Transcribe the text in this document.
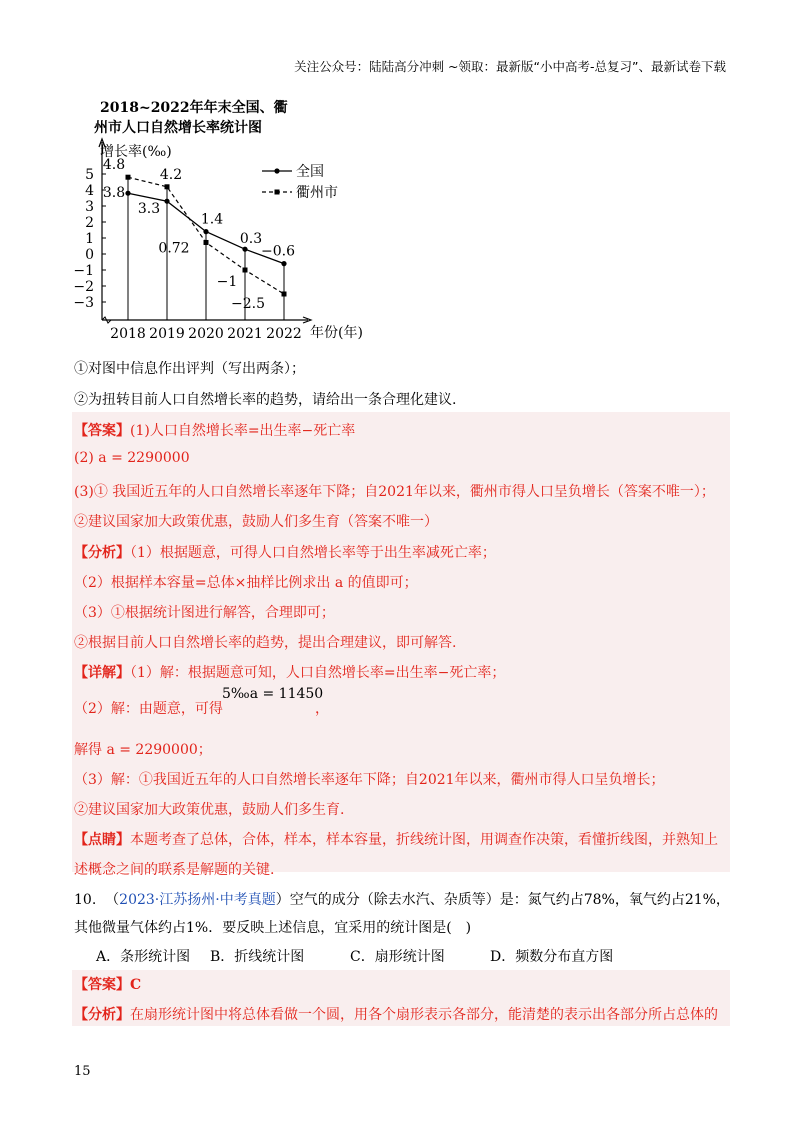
关注公众号：陆陆高分冲刺 ~领取：最新版“小中高考-总复习”、最新试卷下载
2018~2022年年末全国、衢
州市人口自然增长率统计图
增长率(‰)
年份(年)
5
4
3
2
1
0
−1
−2
−3
2018 2019 2020 2021 2022
3.8
4.8
3.3
4.2
1.4
0.72
0.3
−1
−0.6
−2.5
全国
衢州市
①对图中信息作出评判（写出两条）；
②为扭转目前人口自然增长率的趋势，请给出一条合理化建议.
【答案】(1)人口自然增长率=出生率−死亡率
(2) a = 2290000
(3)① 我国近五年的人口自然增长率逐年下降；自2021年以来，衢州市得人口呈负增长（答案不唯一）；
②建议国家加大政策优惠，鼓励人们多生育（答案不唯一）
【分析】（1）根据题意，可得人口自然增长率等于出生率减死亡率；
（2）根据样本容量=总体×抽样比例求出 a 的值即可；
（3）①根据统计图进行解答，合理即可；
②根据目前人口自然增长率的趋势，提出合理建议，即可解答.
【详解】（1）解：根据题意可知，人口自然增长率=出生率−死亡率；
（2）解：由题意，可得
5‰a = 11450
，
解得 a = 2290000；
（3）解：①我国近五年的人口自然增长率逐年下降；自2021年以来，衢州市得人口呈负增长；
②建议国家加大政策优惠，鼓励人们多生育.
【点睛】本题考查了总体，合体，样本，样本容量，折线统计图，用调查作决策，看懂折线图，并熟知上
述概念之间的联系是解题的关键.
10. （2023·江苏扬州·中考真题）空气的成分（除去水汽、杂质等）是：氮气约占78%，氧气约占21%，
其他微量气体约占1%．要反映上述信息，宜采用的统计图是(　)
A．条形统计图 B．折线统计图	C．扇形统计图	D．频数分布直方图
【答案】C
【分析】在扇形统计图中将总体看做一个圆，用各个扇形表示各部分，能清楚的表示出各部分所占总体的
15
